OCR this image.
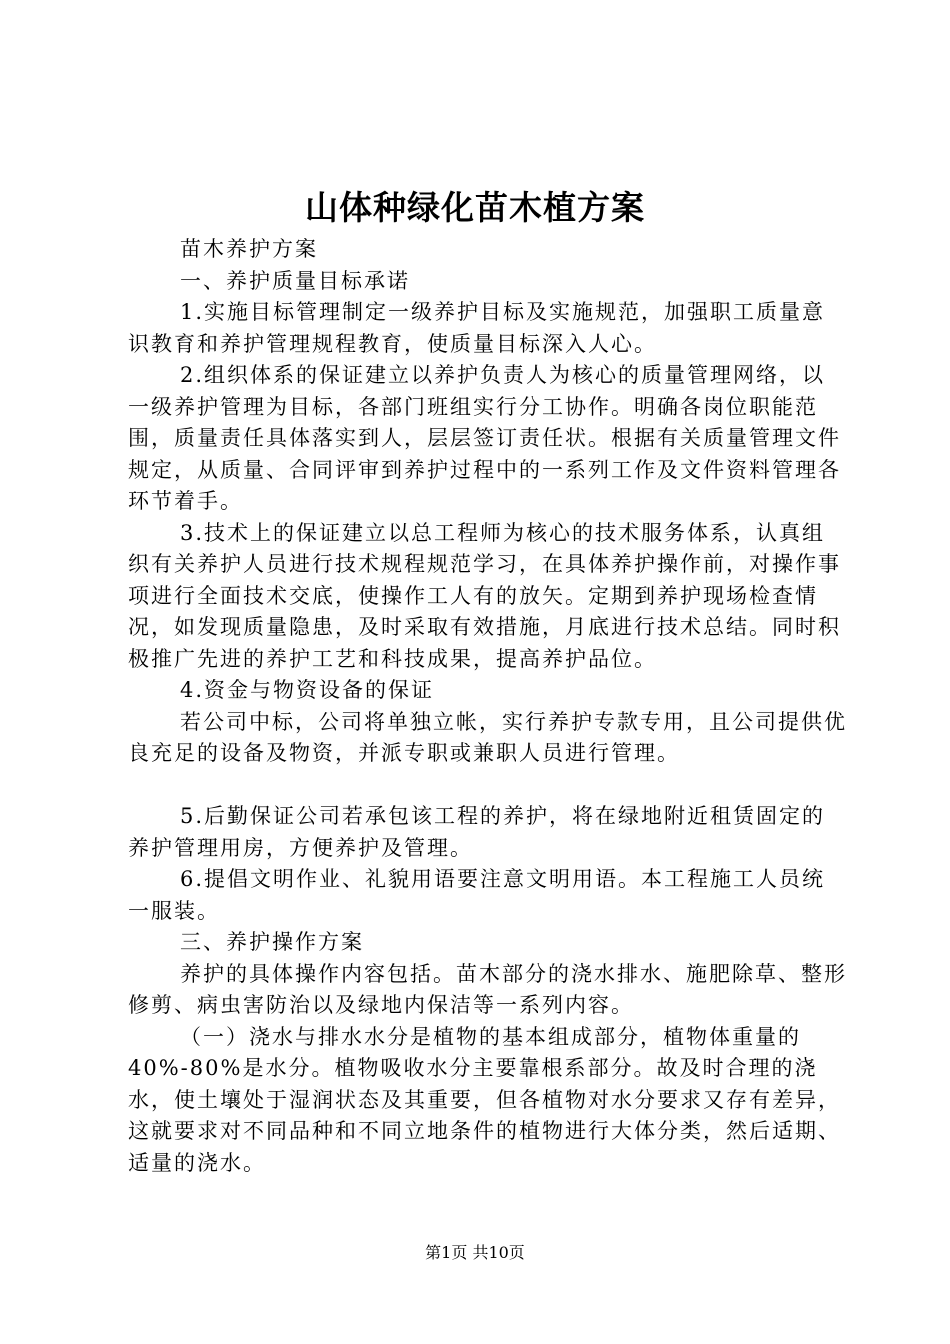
山体种绿化苗木植方案

苗木养护方案

一、养护质量目标承诺

1.实施目标管理制定一级养护目标及实施规范，加强职工质量意识教育和养护管理规程教育，使质量目标深入人心。

2.组织体系的保证建立以养护负责人为核心的质量管理网络，以一级养护管理为目标，各部门班组实行分工协作。明确各岗位职能范围，质量责任具体落实到人，层层签订责任状。根据有关质量管理文件规定，从质量、合同评审到养护过程中的一系列工作及文件资料管理各环节着手。

3.技术上的保证建立以总工程师为核心的技术服务体系，认真组织有关养护人员进行技术规程规范学习，在具体养护操作前，对操作事项进行全面技术交底，使操作工人有的放矢。定期到养护现场检查情况，如发现质量隐患，及时采取有效措施，月底进行技术总结。同时积极推广先进的养护工艺和科技成果，提高养护品位。

4.资金与物资设备的保证

若公司中标，公司将单独立帐，实行养护专款专用，且公司提供优良充足的设备及物资，并派专职或兼职人员进行管理。

5.后勤保证公司若承包该工程的养护，将在绿地附近租赁固定的养护管理用房，方便养护及管理。

6.提倡文明作业、礼貌用语要注意文明用语。本工程施工人员统一服装。

三、养护操作方案

养护的具体操作内容包括。苗木部分的浇水排水、施肥除草、整形修剪、病虫害防治以及绿地内保洁等一系列内容。

（一）浇水与排水水分是植物的基本组成部分，植物体重量的40%-80%是水分。植物吸收水分主要靠根系部分。故及时合理的浇水，使土壤处于湿润状态及其重要，但各植物对水分要求又存有差异，这就要求对不同品种和不同立地条件的植物进行大体分类，然后适期、适量的浇水。

第1页 共10页
